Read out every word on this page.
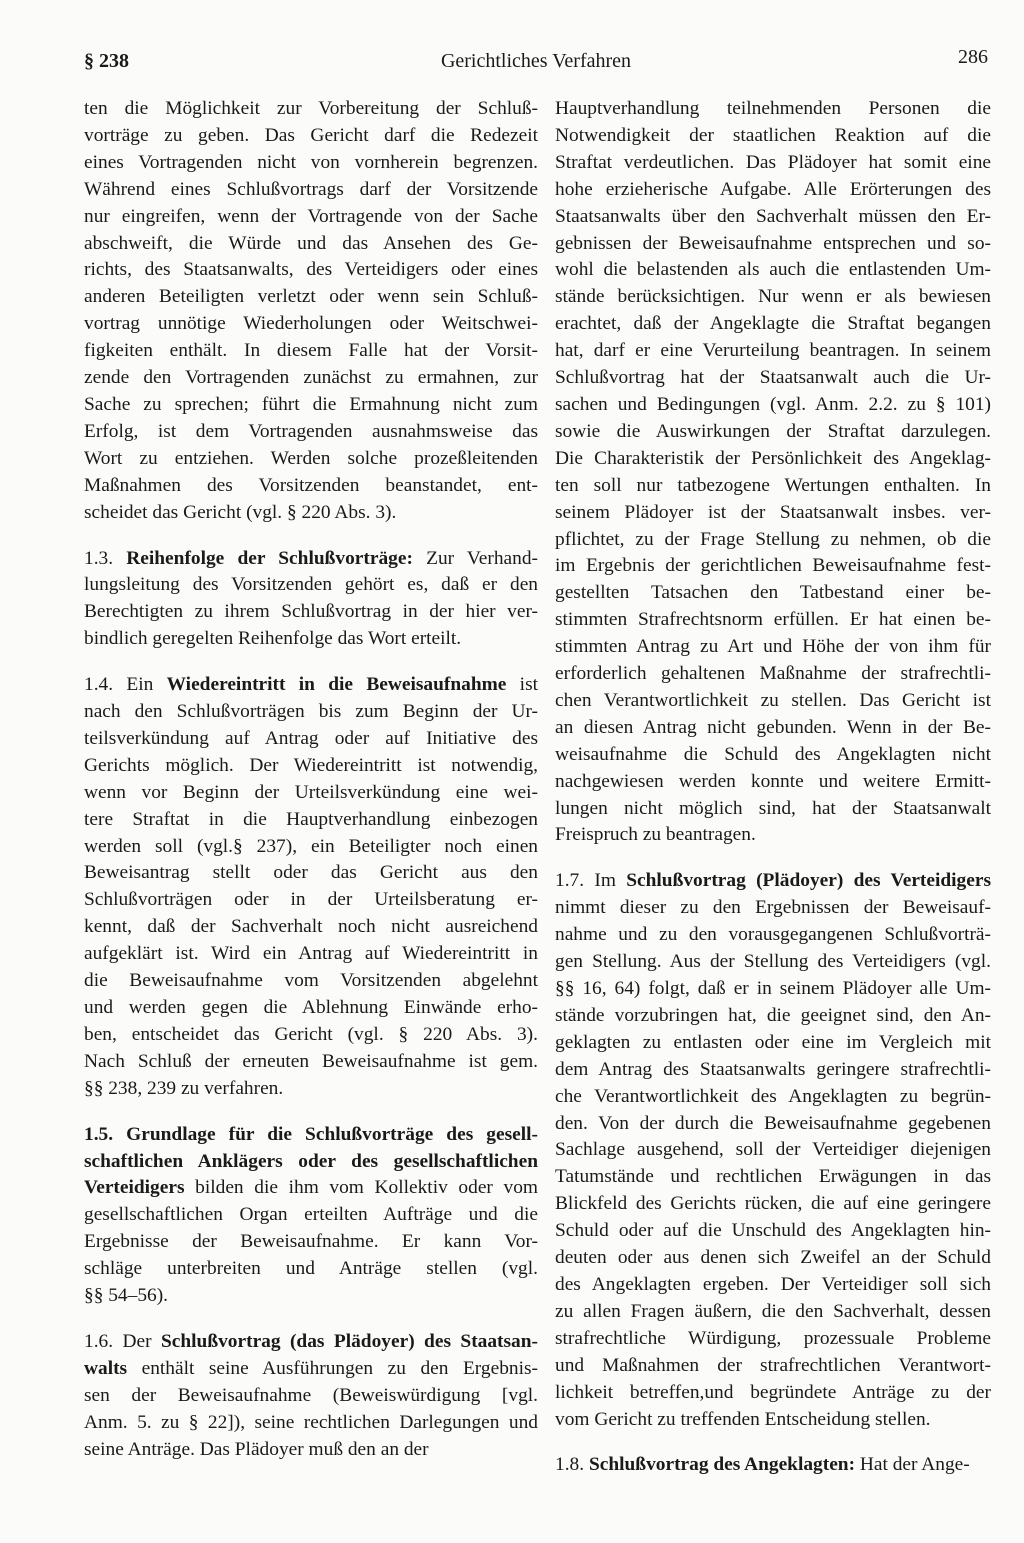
§ 238	Gerichtliches Verfahren	286
ten die Möglichkeit zur Vorbereitung der Schluß-
vorträge zu geben. Das Gericht darf die Redezeit
eines Vortragenden nicht von vornherein begrenzen.
Während eines Schlußvortrags darf der Vorsitzende
nur eingreifen, wenn der Vortragende von der Sache
abschweift, die Würde und das Ansehen des Ge-
richts, des Staatsanwalts, des Verteidigers oder eines
anderen Beteiligten verletzt oder wenn sein Schluß-
vortrag unnötige Wiederholungen oder Weitschwei-
figkeiten enthält. In diesem Falle hat der Vorsit-
zende den Vortragenden zunächst zu ermahnen, zur
Sache zu sprechen; führt die Ermahnung nicht zum
Erfolg, ist dem Vortragenden ausnahmsweise das
Wort zu entziehen. Werden solche prozeßleitenden
Maßnahmen des Vorsitzenden beanstandet, ent-
scheidet das Gericht (vgl. § 220 Abs. 3).
1.3. Reihenfolge der Schlußvorträge: Zur Verhand-
lungsleitung des Vorsitzenden gehört es, daß er den
Berechtigten zu ihrem Schlußvortrag in der hier ver-
bindlich geregelten Reihenfolge das Wort erteilt.
1.4. Ein Wiedereintritt in die Beweisaufnahme ist
nach den Schlußvorträgen bis zum Beginn der Ur-
teilsverkündung auf Antrag oder auf Initiative des
Gerichts möglich. Der Wiedereintritt ist notwendig,
wenn vor Beginn der Urteilsverkündung eine wei-
tere Straftat in die Hauptverhandlung einbezogen
werden soll (vgl.§ 237), ein Beteiligter noch einen
Beweisantrag stellt oder das Gericht aus den
Schlußvorträgen oder in der Urteilsberatung er-
kennt, daß der Sachverhalt noch nicht ausreichend
aufgeklärt ist. Wird ein Antrag auf Wiedereintritt in
die Beweisaufnahme vom Vorsitzenden abgelehnt
und werden gegen die Ablehnung Einwände erho-
ben, entscheidet das Gericht (vgl. § 220 Abs. 3).
Nach Schluß der erneuten Beweisaufnahme ist gem.
§§ 238, 239 zu verfahren.
1.5. Grundlage für die Schlußvorträge des gesell-
schaftlichen Anklägers oder des gesellschaftlichen
Verteidigers bilden die ihm vom Kollektiv oder vom
gesellschaftlichen Organ erteilten Aufträge und die
Ergebnisse der Beweisaufnahme. Er kann Vor-
schläge unterbreiten und Anträge stellen (vgl.
§§ 54–56).
1.6. Der Schlußvortrag (das Plädoyer) des Staatsan-
walts enthält seine Ausführungen zu den Ergebnis-
sen der Beweisaufnahme (Beweiswürdigung [vgl.
Anm. 5. zu § 22]), seine rechtlichen Darlegungen und
seine Anträge. Das Plädoyer muß den an der
Hauptverhandlung teilnehmenden Personen die
Notwendigkeit der staatlichen Reaktion auf die
Straftat verdeutlichen. Das Plädoyer hat somit eine
hohe erzieherische Aufgabe. Alle Erörterungen des
Staatsanwalts über den Sachverhalt müssen den Er-
gebnissen der Beweisaufnahme entsprechen und so-
wohl die belastenden als auch die entlastenden Um-
stände berücksichtigen. Nur wenn er als bewiesen
erachtet, daß der Angeklagte die Straftat begangen
hat, darf er eine Verurteilung beantragen. In seinem
Schlußvortrag hat der Staatsanwalt auch die Ur-
sachen und Bedingungen (vgl. Anm. 2.2. zu § 101)
sowie die Auswirkungen der Straftat darzulegen.
Die Charakteristik der Persönlichkeit des Angeklag-
ten soll nur tatbezogene Wertungen enthalten. In
seinem Plädoyer ist der Staatsanwalt insbes. ver-
pflichtet, zu der Frage Stellung zu nehmen, ob die
im Ergebnis der gerichtlichen Beweisaufnahme fest-
gestellten Tatsachen den Tatbestand einer be-
stimmten Strafrechtsnorm erfüllen. Er hat einen be-
stimmten Antrag zu Art und Höhe der von ihm für
erforderlich gehaltenen Maßnahme der strafrechtli-
chen Verantwortlichkeit zu stellen. Das Gericht ist
an diesen Antrag nicht gebunden. Wenn in der Be-
weisaufnahme die Schuld des Angeklagten nicht
nachgewiesen werden konnte und weitere Ermitt-
lungen nicht möglich sind, hat der Staatsanwalt
Freispruch zu beantragen.
1.7. Im Schlußvortrag (Plädoyer) des Verteidigers
nimmt dieser zu den Ergebnissen der Beweisauf-
nahme und zu den vorausgegangenen Schlußvorträ-
gen Stellung. Aus der Stellung des Verteidigers (vgl.
§§ 16, 64) folgt, daß er in seinem Plädoyer alle Um-
stände vorzubringen hat, die geeignet sind, den An-
geklagten zu entlasten oder eine im Vergleich mit
dem Antrag des Staatsanwalts geringere strafrechtli-
che Verantwortlichkeit des Angeklagten zu begrün-
den. Von der durch die Beweisaufnahme gegebenen
Sachlage ausgehend, soll der Verteidiger diejenigen
Tatumstände und rechtlichen Erwägungen in das
Blickfeld des Gerichts rücken, die auf eine geringere
Schuld oder auf die Unschuld des Angeklagten hin-
deuten oder aus denen sich Zweifel an der Schuld
des Angeklagten ergeben. Der Verteidiger soll sich
zu allen Fragen äußern, die den Sachverhalt, dessen
strafrechtliche Würdigung, prozessuale Probleme
und Maßnahmen der strafrechtlichen Verantwort-
lichkeit betreffen,und begründete Anträge zu der
vom Gericht zu treffenden Entscheidung stellen.
1.8. Schlußvortrag des Angeklagten: Hat der Ange-
